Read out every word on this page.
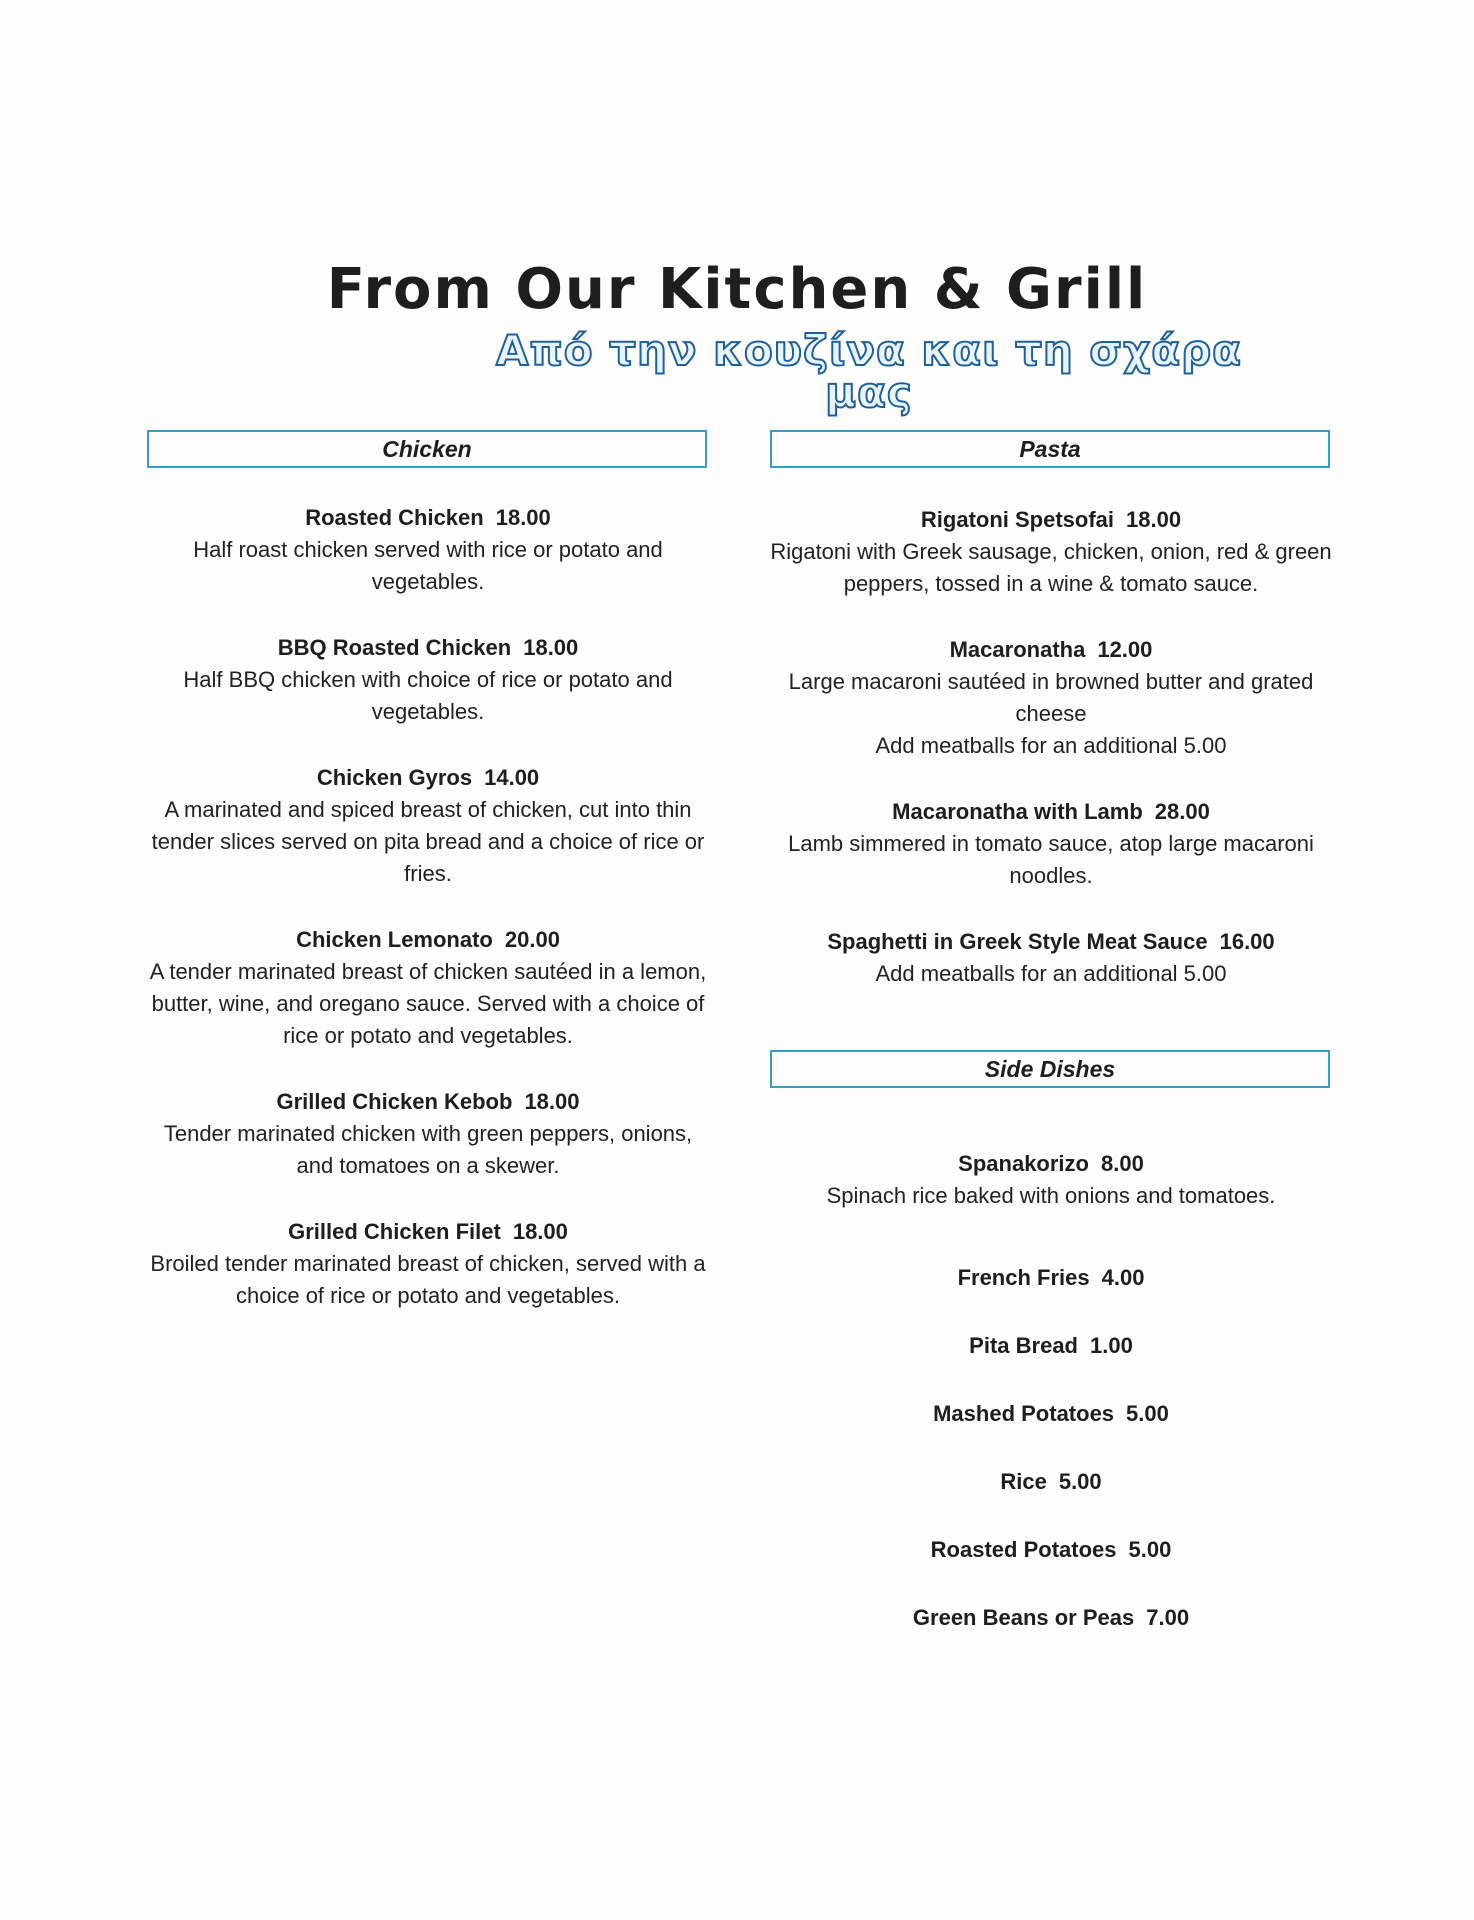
From Our Kitchen & Grill
Από την κουζίνα και τη σχάρα μας
Chicken
Roasted Chicken 18.00
Half roast chicken served with rice or potato and vegetables.
BBQ Roasted Chicken 18.00
Half BBQ chicken with choice of rice or potato and vegetables.
Chicken Gyros 14.00
A marinated and spiced breast of chicken, cut into thin tender slices served on pita bread and a choice of rice or fries.
Chicken Lemonato 20.00
A tender marinated breast of chicken sautéed in a lemon, butter, wine, and oregano sauce. Served with a choice of rice or potato and vegetables.
Grilled Chicken Kebob 18.00
Tender marinated chicken with green peppers, onions, and tomatoes on a skewer.
Grilled Chicken Filet 18.00
Broiled tender marinated breast of chicken, served with a choice of rice or potato and vegetables.
Pasta
Rigatoni Spetsofai 18.00
Rigatoni with Greek sausage, chicken, onion, red & green peppers, tossed in a wine & tomato sauce.
Macaronatha 12.00
Large macaroni sautéed in browned butter and grated cheese
Add meatballs for an additional 5.00
Macaronatha with Lamb 28.00
Lamb simmered in tomato sauce, atop large macaroni noodles.
Spaghetti in Greek Style Meat Sauce 16.00
Add meatballs for an additional 5.00
Side Dishes
Spanakorizo 8.00
Spinach rice baked with onions and tomatoes.
French Fries 4.00
Pita Bread 1.00
Mashed Potatoes 5.00
Rice 5.00
Roasted Potatoes 5.00
Green Beans or Peas 7.00
